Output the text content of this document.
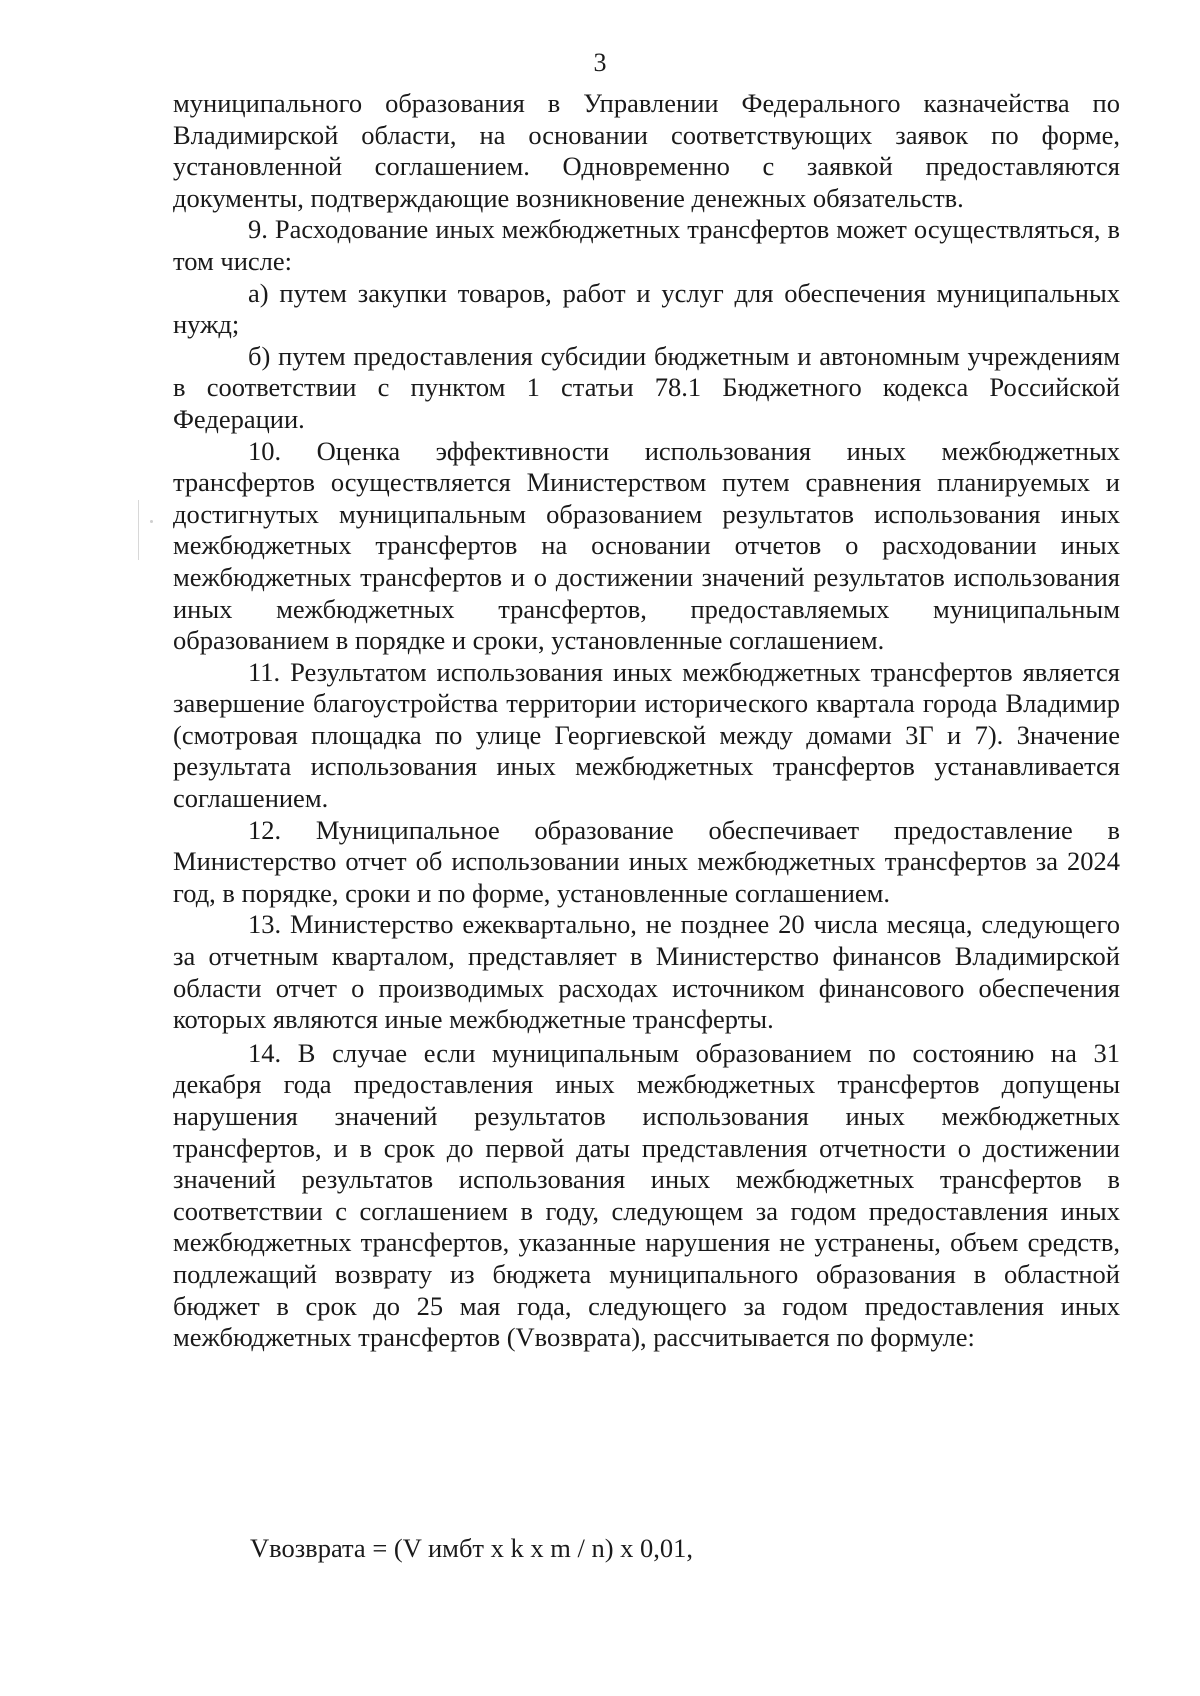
3

муниципального образования в Управлении Федерального казначейства по Владимирской области, на основании соответствующих заявок по форме, установленной соглашением. Одновременно с заявкой предоставляются документы, подтверждающие возникновение денежных обязательств.

9. Расходование иных межбюджетных трансфертов может осуществляться, в том числе:

а) путем закупки товаров, работ и услуг для обеспечения муниципальных нужд;

б) путем предоставления субсидии бюджетным и автономным учреждениям в соответствии с пунктом 1 статьи 78.1 Бюджетного кодекса Российской Федерации.

10. Оценка эффективности использования иных межбюджетных трансфертов осуществляется Министерством путем сравнения планируемых и достигнутых муниципальным образованием результатов использования иных межбюджетных трансфертов на основании отчетов о расходовании иных межбюджетных трансфертов и о достижении значений результатов использования иных межбюджетных трансфертов, предоставляемых муниципальным образованием в порядке и сроки, установленные соглашением.

11. Результатом использования иных межбюджетных трансфертов является завершение благоустройства территории исторического квартала города Владимир (смотровая площадка по улице Георгиевской между домами 3Г и 7). Значение результата использования иных межбюджетных трансфертов устанавливается соглашением.

12. Муниципальное образование обеспечивает предоставление в Министерство отчет об использовании иных межбюджетных трансфертов за 2024 год, в порядке, сроки и по форме, установленные соглашением.

13. Министерство ежеквартально, не позднее 20 числа месяца, следующего за отчетным кварталом, представляет в Министерство финансов Владимирской области отчет о производимых расходах источником финансового обеспечения которых являются иные межбюджетные трансферты.

14. В случае если муниципальным образованием по состоянию на 31 декабря года предоставления иных межбюджетных трансфертов допущены нарушения значений результатов использования иных межбюджетных трансфертов, и в срок до первой даты представления отчетности о достижении значений результатов использования иных межбюджетных трансфертов в соответствии с соглашением в году, следующем за годом предоставления иных межбюджетных трансфертов, указанные нарушения не устранены, объем средств, подлежащий возврату из бюджета муниципального образования в областной бюджет в срок до 25 мая года, следующего за годом предоставления иных межбюджетных трансфертов (Vвозврата), рассчитывается по формуле:

Vвозврата = (V имбт x k x m / n) x 0,01,
